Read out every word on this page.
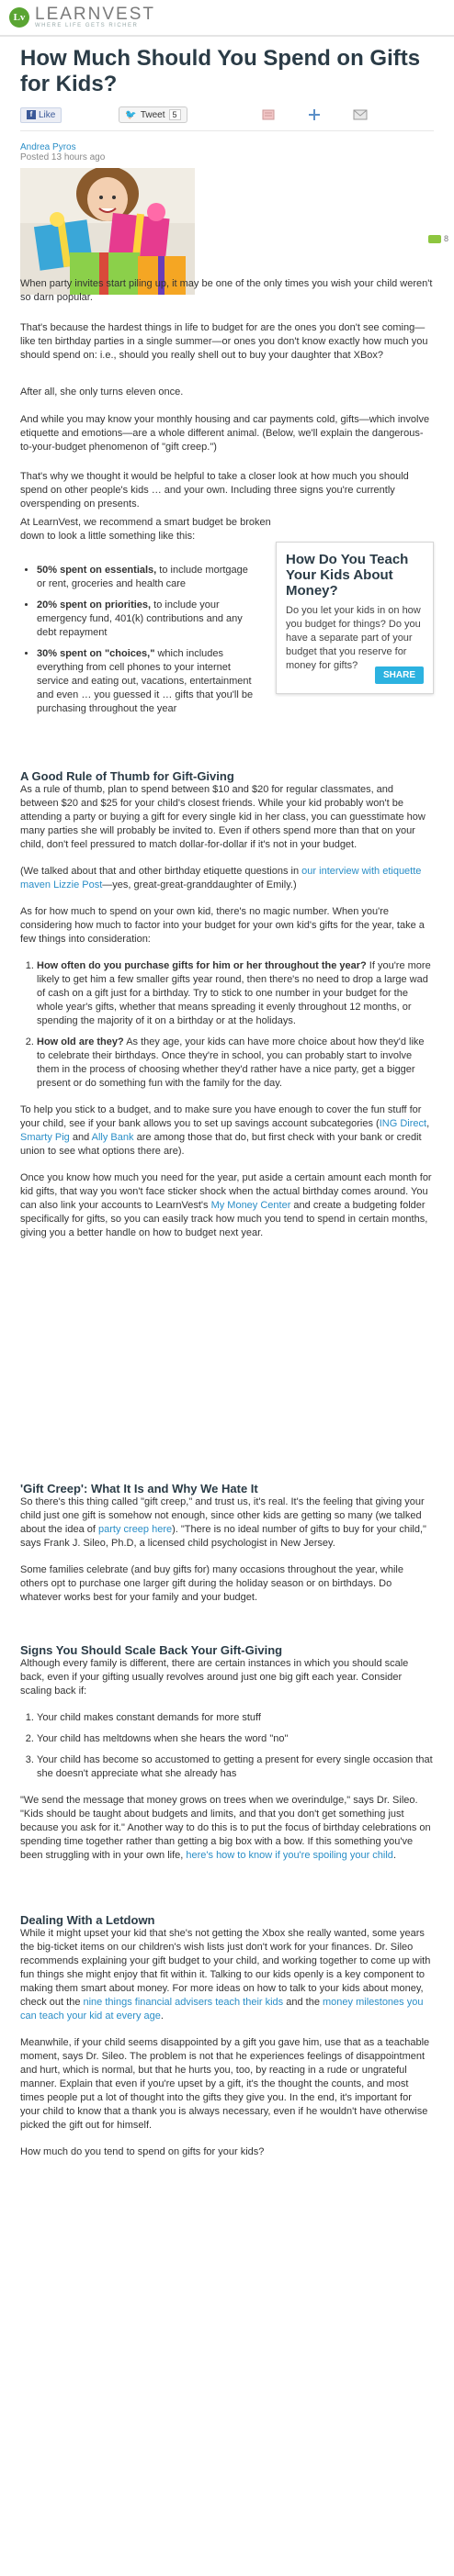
Lv LEARNVEST
WHERE LIFE GETS RICHER
How Much Should You Spend on Gifts for Kids?
f Like	🐦 Tweet 5
8
Andrea Pyros
Posted 13 hours ago

When party invites start piling up, it may be one of the only times you wish your child weren't so darn popular.

That's because the hardest things in life to budget for are the ones you don't see coming—like ten birthday parties in a single summer—or ones you don't know exactly how much you should spend on: i.e., should you really shell out to buy your daughter that XBox?

After all, she only turns eleven once.

And while you may know your monthly housing and car payments cold, gifts—which involve etiquette and emotions—are a whole different animal. (Below, we'll explain the dangerous-to-your-budget phenomenon of "gift creep.")

That's why we thought it would be helpful to take a closer look at how much you should spend on other people's kids … and your own. Including three signs you're currently overspending on presents.

At LearnVest, we recommend a smart budget be broken down to look a little something like this:

• 50% spent on essentials, to include mortgage or rent, groceries and health care
• 20% spent on priorities, to include your emergency fund, 401(k) contributions and any debt repayment
• 30% spent on "choices," which includes everything from cell phones to your internet service and eating out, vacations, entertainment and even … you guessed it … gifts that you'll be purchasing throughout the year
How Do You Teach Your Kids About Money?
Do you let your kids in on how you budget for things? Do you have a separate part of your budget that you reserve for money for gifts?
SHARE
A Good Rule of Thumb for Gift-Giving

As a rule of thumb, plan to spend between $10 and $20 for regular classmates, and between $20 and $25 for your child's closest friends. While your kid probably won't be attending a party or buying a gift for every single kid in her class, you can guesstimate how many parties she will probably be invited to. Even if others spend more than that on your child, don't feel pressured to match dollar-for-dollar if it's not in your budget.

(We talked about that and other birthday etiquette questions in our interview with etiquette maven Lizzie Post—yes, great-great-granddaughter of Emily.)

As for how much to spend on your own kid, there's no magic number. When you're considering how much to factor into your budget for your own kid's gifts for the year, take a few things into consideration:

1. How often do you purchase gifts for him or her throughout the year? If you're more likely to get him a few smaller gifts year round, then there's no need to drop a large wad of cash on a gift just for a birthday. Try to stick to one number in your budget for the whole year's gifts, whether that means spreading it evenly throughout 12 months, or spending the majority of it on a birthday or at the holidays.
2. How old are they? As they age, your kids can have more choice about how they'd like to celebrate their birthdays. Once they're in school, you can probably start to involve them in the process of choosing whether they'd rather have a nice party, get a bigger present or do something fun with the family for the day.

To help you stick to a budget, and to make sure you have enough to cover the fun stuff for your child, see if your bank allows you to set up savings account subcategories (ING Direct, Smarty Pig and Ally Bank are among those that do, but first check with your bank or credit union to see what options there are).

Once you know how much you need for the year, put aside a certain amount each month for kid gifts, that way you won't face sticker shock when the actual birthday comes around. You can also link your accounts to LearnVest's My Money Center and create a budgeting folder specifically for gifts, so you can easily track how much you tend to spend in certain months, giving you a better handle on how to budget next year.

'Gift Creep': What It Is and Why We Hate It

So there's this thing called "gift creep," and trust us, it's real. It's the feeling that giving your child just one gift is somehow not enough, since other kids are getting so many (we talked about the idea of party creep here). "There is no ideal number of gifts to buy for your child," says Frank J. Sileo, Ph.D, a licensed child psychologist in New Jersey.

Some families celebrate (and buy gifts for) many occasions throughout the year, while others opt to purchase one larger gift during the holiday season or on birthdays. Do whatever works best for your family and your budget.

Signs You Should Scale Back Your Gift-Giving

Although every family is different, there are certain instances in which you should scale back, even if your gifting usually revolves around just one big gift each year. Consider scaling back if:

1. Your child makes constant demands for more stuff
2. Your child has meltdowns when she hears the word "no"
3. Your child has become so accustomed to getting a present for every single occasion that she doesn't appreciate what she already has

"We send the message that money grows on trees when we overindulge," says Dr. Sileo. "Kids should be taught about budgets and limits, and that you don't get something just because you ask for it." Another way to do this is to put the focus of birthday celebrations on spending time together rather than getting a big box with a bow. If this something you've been struggling with in your own life, here's how to know if you're spoiling your child.

Dealing With a Letdown

While it might upset your kid that she's not getting the Xbox she really wanted, some years the big-ticket items on our children's wish lists just don't work for your finances. Dr. Sileo recommends explaining your gift budget to your child, and working together to come up with fun things she might enjoy that fit within it. Talking to our kids openly is a key component to making them smart about money. For more ideas on how to talk to your kids about money, check out the nine things financial advisers teach their kids and the money milestones you can teach your kid at every age.

Meanwhile, if your child seems disappointed by a gift you gave him, use that as a teachable moment, says Dr. Sileo. The problem is not that he experiences feelings of disappointment and hurt, which is normal, but that he hurts you, too, by reacting in a rude or ungrateful manner. Explain that even if you're upset by a gift, it's the thought the counts, and most times people put a lot of thought into the gifts they give you. In the end, it's important for your child to know that a thank you is always necessary, even if he wouldn't have otherwise picked the gift out for himself.

How much do you tend to spend on gifts for your kids?
